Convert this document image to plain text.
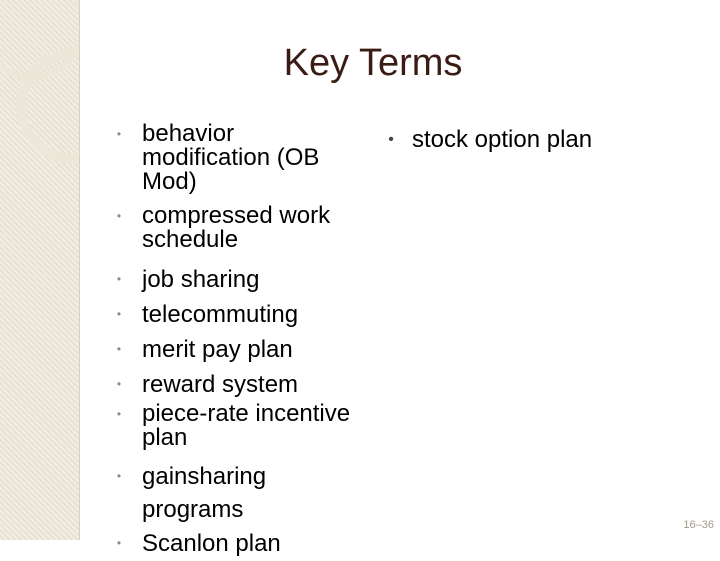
Key Terms
• behavior modification (OB Mod)
• compressed work schedule
• job sharing
• telecommuting
• merit pay plan
• reward system
• piece-rate incentive plan
• gainsharing programs
• Scanlon plan
• stock option plan
16–36
